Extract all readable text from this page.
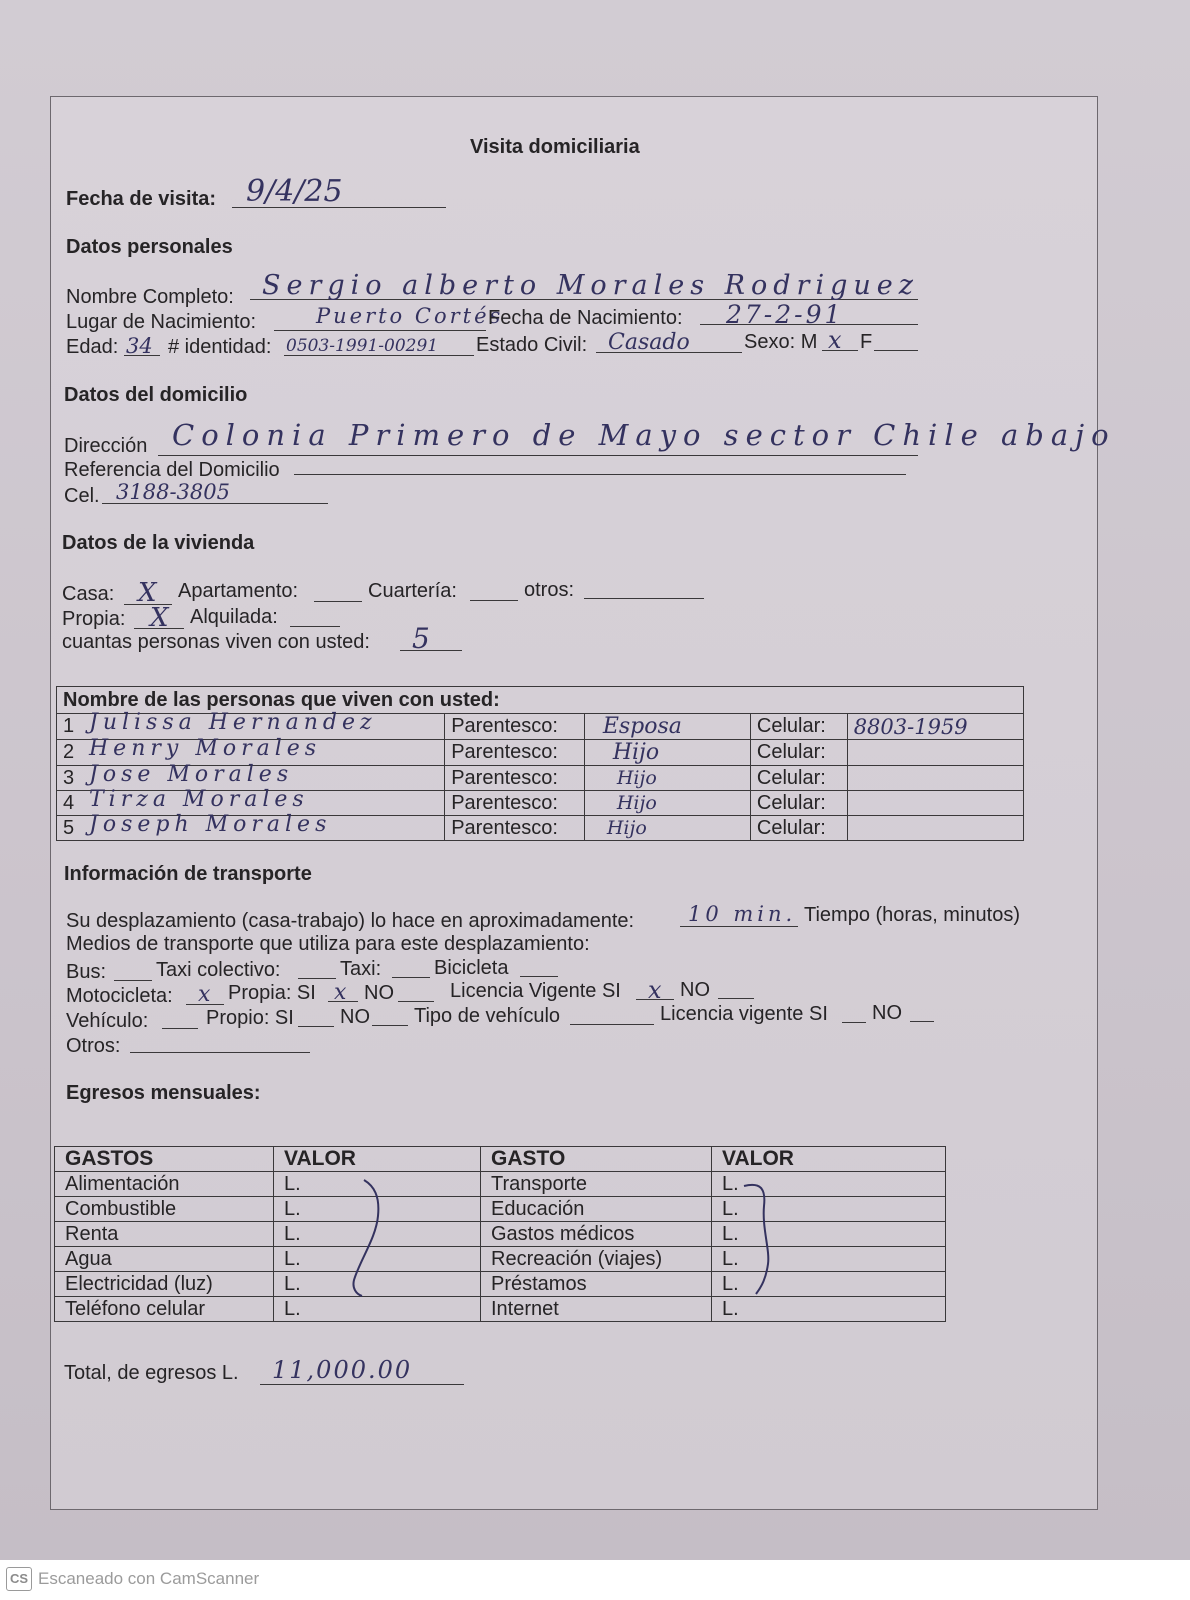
Visita domiciliaria
Fecha de visita: 9/4/25
Datos personales
Nombre Completo: Sergio alberto Morales Rodriguez
Lugar de Nacimiento:	Puerto Cortés
Fecha de Nacimiento: 27-2-91
Edad: 34 # identidad: 0503-1991-00291 Estado Civil: Casado	Sexo: M x F
Datos del domicilio
Dirección Colonia Primero de Mayo sector Chile abajo
Referencia del Domicilio
Cel. 3188-3805
Datos de la vivienda
Casa: X Apartamento:	Cuartería:	otros:
Propia: X Alquilada:
cuantas personas viven con usted: 5
Nombre de las personas que viven con usted:				
1 Julissa Hernandez	Parentesco:	Esposa	Celular:	8803-1959
2 Henry Morales	Parentesco:	Hijo	Celular:	
3 Jose Morales	Parentesco:	Hijo	Celular:	
4 Tirza Morales	Parentesco:	Hijo	Celular:	
5 Joseph Morales	Parentesco:	Hijo	Celular:	
Información de transporte
Su desplazamiento (casa-trabajo) lo hace en aproximadamente:	10 min. Tiempo (horas, minutos)
Medios de transporte que utiliza para este desplazamiento:
Bus: Taxi colectivo:	Taxi:	Bicicleta
Motocicleta: x Propia: SI x NO	Licencia Vigente SI x NO
Vehículo:	Propio: SI NO Tipo de vehículo	Licencia vigente SI NO
Otros:
Egresos mensuales:
GASTOS	VALOR	GASTO	VALOR
Alimentación	L.	Transporte	L.
Combustible	L.	Educación	L.
Renta	L.	Gastos médicos	L.
Agua	L.	Recreación (viajes)	L.
Electricidad (luz)	L.	Préstamos	L.
Teléfono celular	L.	Internet	L.
Total, de egresos L. 11,000.00
CS Escaneado con CamScanner
